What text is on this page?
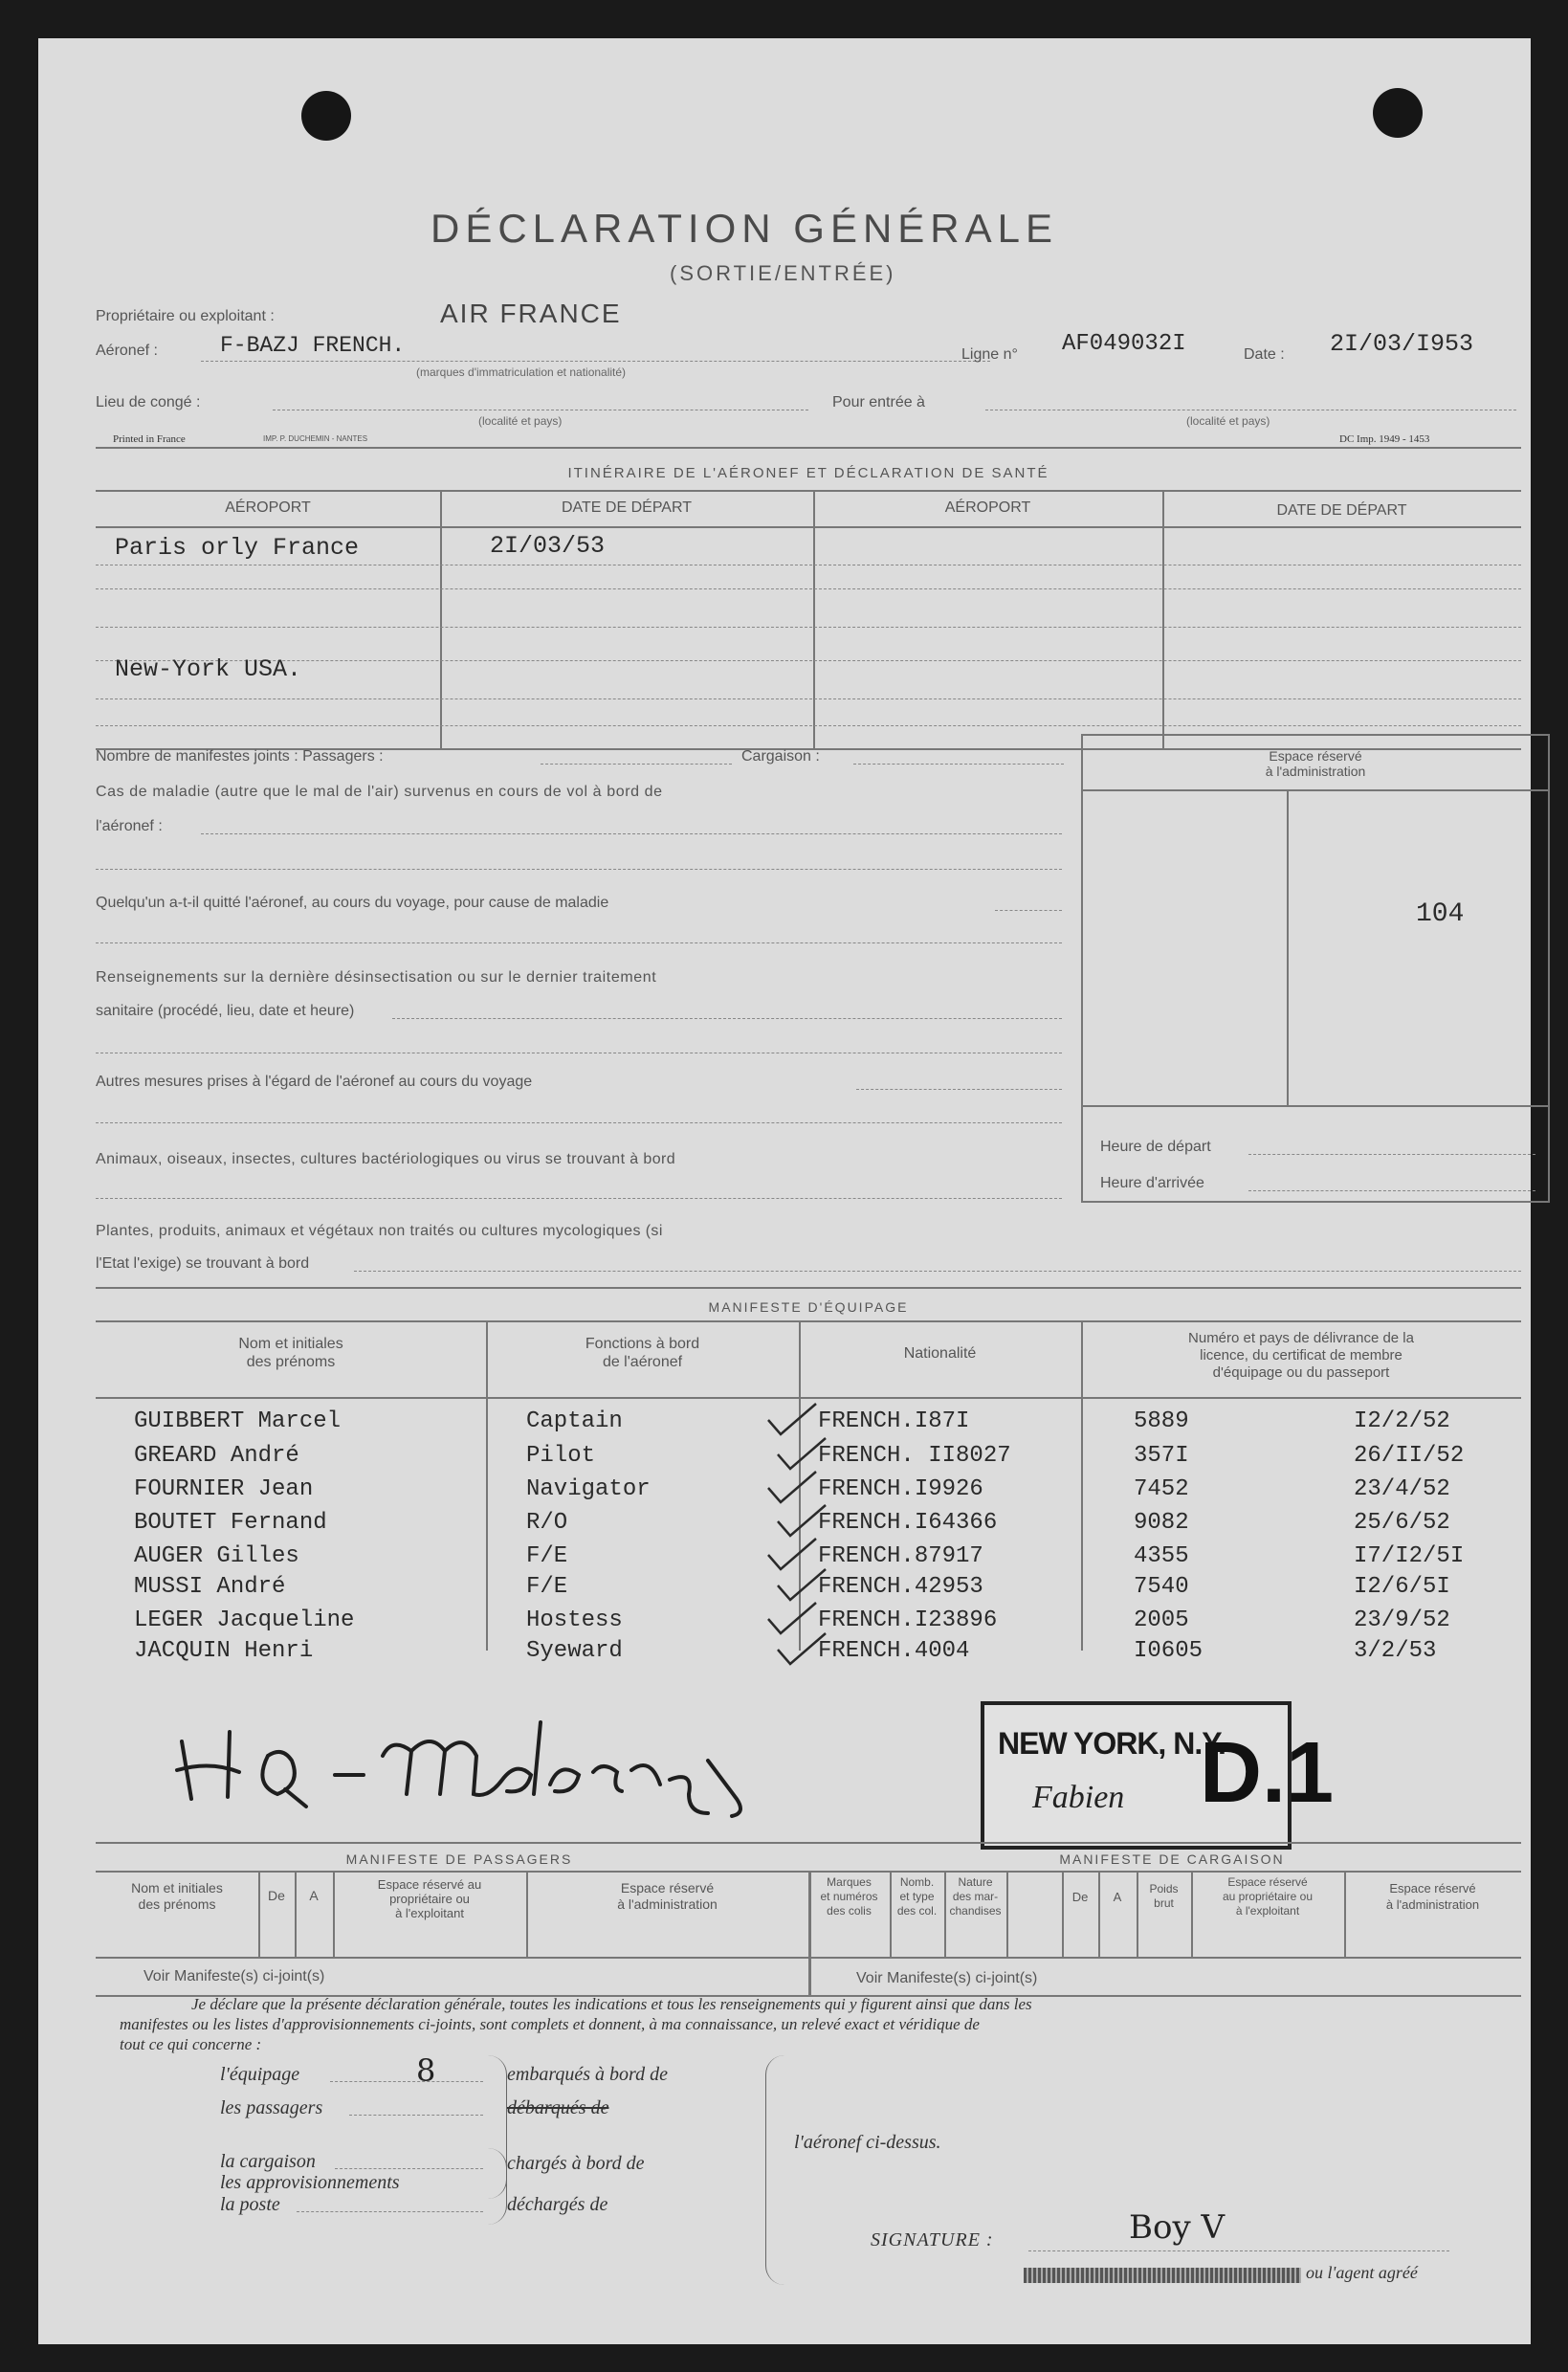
DÉCLARATION GÉNÉRALE
(SORTIE/ENTRÉE)
Propriétaire ou exploitant :	AIR FRANCE
Aéronef :	F-BAZJ FRENCH.
(marques d'immatriculation et nationalité)
Ligne n° AF049032I	Date : 2I/03/I953
Lieu de congé :	Pour entrée à
(localité et pays)	(localité et pays)
Printed in France	IMP. P. DUCHEMIN - NANTES	DC Imp. 1949 - 1453
ITINÉRAIRE DE L'AÉRONEF ET DÉCLARATION DE SANTÉ
AÉROPORT	DATE DE DÉPART	AÉROPORT	DATE DE DÉPART
Paris orly France	2I/03/53
New-York USA.
Nombre de manifestes joints : Passagers :	Cargaison :
Cas de maladie (autre que le mal de l'air) survenus en cours de vol à bord de
l'aéronef :
Quelqu'un a-t-il quitté l'aéronef, au cours du voyage, pour cause de maladie
Renseignements sur la dernière désinsectisation ou sur le dernier traitement
sanitaire (procédé, lieu, date et heure)
Autres mesures prises à l'égard de l'aéronef au cours du voyage
Animaux, oiseaux, insectes, cultures bactériologiques ou virus se trouvant à bord
Plantes, produits, animaux et végétaux non traités ou cultures mycologiques (si
l'Etat l'exige) se trouvant à bord
Espace réservé
à l'administration
104
Heure de départ
Heure d'arrivée
MANIFESTE D'ÉQUIPAGE
Nom et initiales
des prénoms
Fonctions à bord
de l'aéronef
Nationalité
Numéro et pays de délivrance de la
licence, du certificat de membre
d'équipage ou du passeport
GUIBBERT Marcel	Captain	FRENCH.I87I	5889	I2/2/52
GREARD André	Pilot	FRENCH. II8027	357I	26/II/52
FOURNIER Jean	Navigator	FRENCH.I9926	7452	23/4/52
BOUTET Fernand	R/O	FRENCH.I64366	9082	25/6/52
AUGER Gilles	F/E	FRENCH.87917	4355	I7/I2/5I
MUSSI André	F/E	FRENCH.42953	7540	I2/6/5I
LEGER Jacqueline	Hostess	FRENCH.I23896	2005	23/9/52
JACQUIN Henri	Syeward	FRENCH.4004	I0605	3/2/53
NEW YORK, N.Y.
D.1
Fabien
MANIFESTE DE PASSAGERS	MANIFESTE DE CARGAISON
Nom et initiales
des prénoms
De	A
Espace réservé au
propriétaire ou
à l'exploitant
Espace réservé
à l'administration
Marques
et numéros
des colis
Nomb.
et type
des col.
Nature
des mar-
chandises
De	A
Poids
brut
Espace réservé
au propriétaire ou
à l'exploitant
Espace réservé
à l'administration
Voir Manifeste(s) ci-joint(s)	Voir Manifeste(s) ci-joint(s)
Je déclare que la présente déclaration générale, toutes les indications et tous les renseignements qui y figurent ainsi que dans les
manifestes ou les listes d'approvisionnements ci-joints, sont complets et donnent, à ma connaissance, un relevé exact et véridique de
tout ce qui concerne :
l'équipage	8	embarqués à bord de
les passagers	débarqués de
l'aéronef ci-dessus.
la cargaison
les approvisionnements
la poste
chargés à bord de
déchargés de
SIGNATURE :	Boy V
ou l'agent agréé
